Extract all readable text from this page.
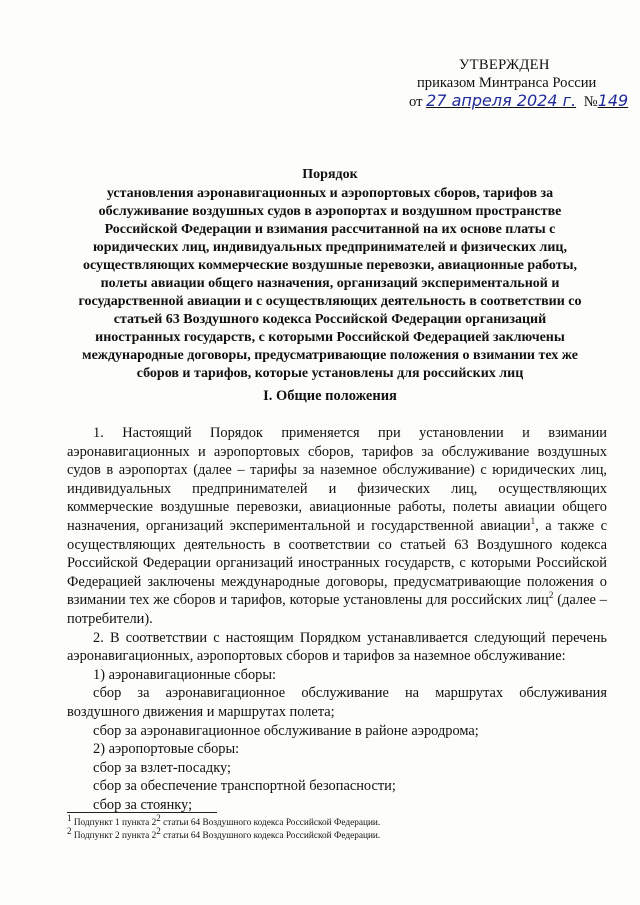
УТВЕРЖДЕН
приказом Минтранса России
от 27 апреля 2024 г. №149

Порядок

установления аэронавигационных и аэропортовых сборов, тарифов за

обслуживание воздушных судов в аэропортах и воздушном пространстве

Российской Федерации и взимания рассчитанной на их основе платы с

юридических лиц, индивидуальных предпринимателей и физических лиц,

осуществляющих коммерческие воздушные перевозки, авиационные работы,

полеты авиации общего назначения, организаций экспериментальной и

государственной авиации и с осуществляющих деятельность в соответствии со

статьей 63 Воздушного кодекса Российской Федерации организаций

иностранных государств, с которыми Российской Федерацией заключены

международные договоры, предусматривающие положения о взимании тех же

сборов и тарифов, которые установлены для российских лиц

I. Общие положения

1. Настоящий Порядок применяется при установлении и взимании аэронавигационных и аэропортовых сборов, тарифов за обслуживание воздушных судов в аэропортах (далее – тарифы за наземное обслуживание) с юридических лиц, индивидуальных предпринимателей и физических лиц, осуществляющих коммерческие воздушные перевозки, авиационные работы, полеты авиации общего назначения, организаций экспериментальной и государственной авиации$^1$, а также с осуществляющих деятельность в соответствии со статьей 63 Воздушного кодекса Российской Федерации организаций иностранных государств, с которыми Российской Федерацией заключены международные договоры, предусматривающие положения о взимании тех же сборов и тарифов, которые установлены для российских лиц$^2$ (далее – потребители).

2. В соответствии с настоящим Порядком устанавливается следующий перечень аэронавигационных, аэропортовых сборов и тарифов за наземное обслуживание:

1) аэронавигационные сборы:

сбор за аэронавигационное обслуживание на маршрутах обслуживания воздушного движения и маршрутах полета;

сбор за аэронавигационное обслуживание в районе аэродрома;

2) аэропортовые сборы:

сбор за взлет-посадку;

сбор за обеспечение транспортной безопасности;

сбор за стоянку;

$^1$ Подпункт 1 пункта $2^2$ статьи 64 Воздушного кодекса Российской Федерации.
$^2$ Подпункт 2 пункта $2^2$ статьи 64 Воздушного кодекса Российской Федерации.
